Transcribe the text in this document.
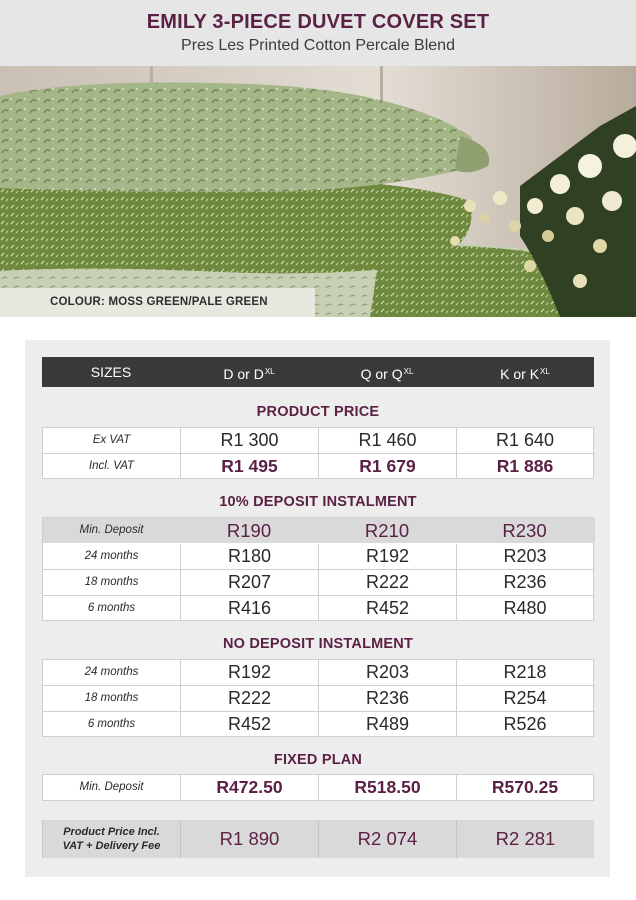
EMILY 3-PIECE DUVET COVER SET
Pres Les Printed Cotton Percale Blend
COLOUR: MOSS GREEN/PALE GREEN
SIZES	D or $D^{XL}$	Q or $Q^{XL}$	K or $K^{XL}$
PRODUCT PRICE
Ex VAT	R1 300	R1 460	R1 640
Incl. VAT	R1 495	R1 679	R1 886
10% DEPOSIT INSTALMENT
Min. Deposit	R190	R210	R230
24 months	R180	R192	R203
18 months	R207	R222	R236
6 months	R416	R452	R480
NO DEPOSIT INSTALMENT
24 months	R192	R203	R218
18 months	R222	R236	R254
6 months	R452	R489	R526
FIXED PLAN
Min. Deposit	R472.50	R518.50	R570.25
Product Price Incl.
VAT + Delivery Fee	R1 890	R2 074	R2 281
